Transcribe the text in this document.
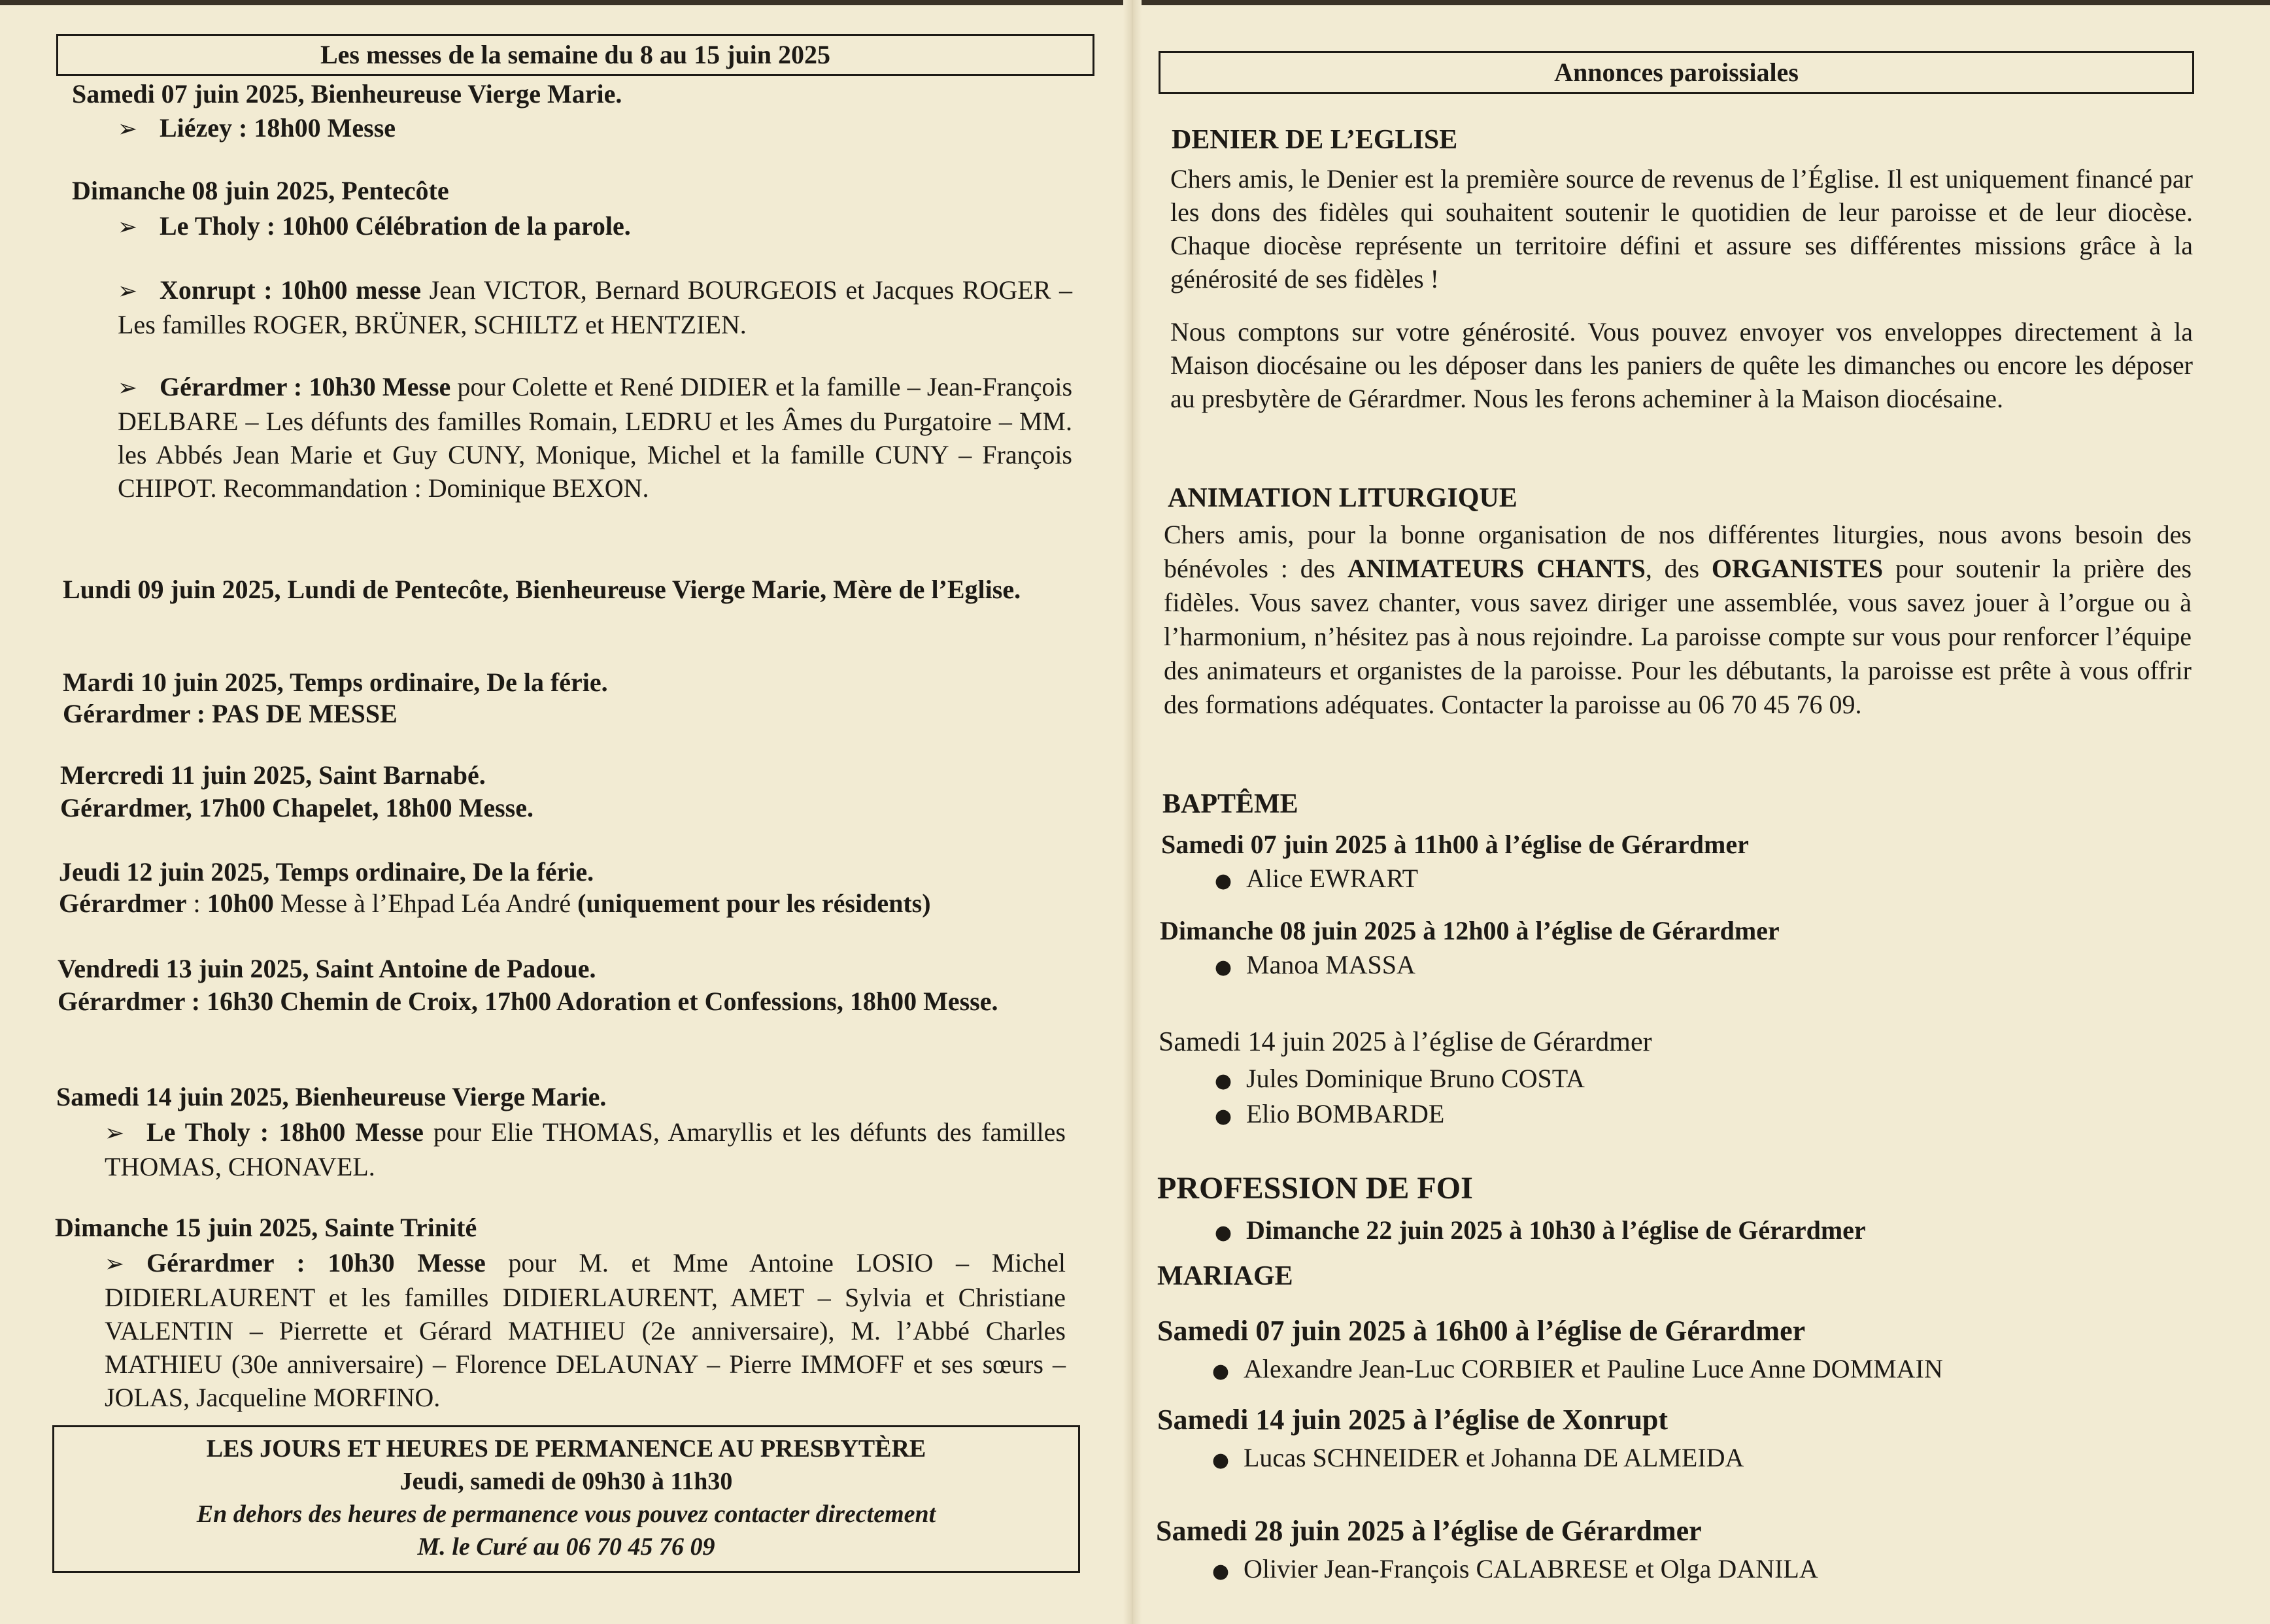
Les messes de la semaine du 8 au 15 juin 2025
Samedi 07 juin 2025, Bienheureuse Vierge Marie.
➢ Liézey : 18h00 Messe
Dimanche 08 juin 2025, Pentecôte
➢ Le Tholy : 10h00 Célébration de la parole.
➢ Xonrupt : 10h00 messe Jean VICTOR, Bernard BOURGEOIS et Jacques ROGER – Les familles ROGER, BRÜNER, SCHILTZ et HENTZIEN.
➢ Gérardmer : 10h30 Messe pour Colette et René DIDIER et la famille – Jean-François DELBARE – Les défunts des familles Romain, LEDRU et les Âmes du Purgatoire – MM. les Abbés Jean Marie et Guy CUNY, Monique, Michel et la famille CUNY – François CHIPOT. Recommandation : Dominique BEXON.
Lundi 09 juin 2025, Lundi de Pentecôte, Bienheureuse Vierge Marie, Mère de l’Eglise.
Mardi 10 juin 2025, Temps ordinaire, De la férie.
Gérardmer : PAS DE MESSE
Mercredi 11 juin 2025, Saint Barnabé.
Gérardmer, 17h00 Chapelet, 18h00 Messe.
Jeudi 12 juin 2025, Temps ordinaire, De la férie.
Gérardmer : 10h00 Messe à l’Ehpad Léa André (uniquement pour les résidents)
Vendredi 13 juin 2025, Saint Antoine de Padoue.
Gérardmer : 16h30 Chemin de Croix, 17h00 Adoration et Confessions, 18h00 Messe.
Samedi 14 juin 2025, Bienheureuse Vierge Marie.
➢ Le Tholy : 18h00 Messe pour Elie THOMAS, Amaryllis et les défunts des familles THOMAS, CHONAVEL.
Dimanche 15 juin 2025, Sainte Trinité
➢ Gérardmer : 10h30 Messe pour M. et Mme Antoine LOSIO – Michel DIDIERLAURENT et les familles DIDIERLAURENT, AMET – Sylvia et Christiane VALENTIN – Pierrette et Gérard MATHIEU (2e anniversaire), M. l’Abbé Charles MATHIEU (30e anniversaire) – Florence DELAUNAY – Pierre IMMOFF et ses sœurs – JOLAS, Jacqueline MORFINO.
LES JOURS ET HEURES DE PERMANENCE AU PRESBYTÈRE
Jeudi, samedi de 09h30 à 11h30
En dehors des heures de permanence vous pouvez contacter directement
M. le Curé au 06 70 45 76 09
Annonces paroissiales
DENIER DE L’EGLISE
Chers amis, le Denier est la première source de revenus de l’Église. Il est uniquement financé par les dons des fidèles qui souhaitent soutenir le quotidien de leur paroisse et de leur diocèse. Chaque diocèse représente un territoire défini et assure ses différentes missions grâce à la générosité de ses fidèles !
Nous comptons sur votre générosité. Vous pouvez envoyer vos enveloppes directement à la Maison diocésaine ou les déposer dans les paniers de quête les dimanches ou encore les déposer au presbytère de Gérardmer. Nous les ferons acheminer à la Maison diocésaine.
ANIMATION LITURGIQUE
Chers amis, pour la bonne organisation de nos différentes liturgies, nous avons besoin des bénévoles : des ANIMATEURS CHANTS, des ORGANISTES pour soutenir la prière des fidèles. Vous savez chanter, vous savez diriger une assemblée, vous savez jouer à l’orgue ou à l’harmonium, n’hésitez pas à nous rejoindre. La paroisse compte sur vous pour renforcer l’équipe des animateurs et organistes de la paroisse. Pour les débutants, la paroisse est prête à vous offrir des formations adéquates. Contacter la paroisse au 06 70 45 76 09.
BAPTÊME
Samedi 07 juin 2025 à 11h00 à l’église de Gérardmer
● Alice EWRART
Dimanche 08 juin 2025 à 12h00 à l’église de Gérardmer
● Manoa MASSA
Samedi 14 juin 2025 à l’église de Gérardmer
● Jules Dominique Bruno COSTA
● Elio BOMBARDE
PROFESSION DE FOI
● Dimanche 22 juin 2025 à 10h30 à l’église de Gérardmer
MARIAGE
Samedi 07 juin 2025 à 16h00 à l’église de Gérardmer
● Alexandre Jean-Luc CORBIER et Pauline Luce Anne DOMMAIN
Samedi 14 juin 2025 à l’église de Xonrupt
● Lucas SCHNEIDER et Johanna DE ALMEIDA
Samedi 28 juin 2025 à l’église de Gérardmer
● Olivier Jean-François CALABRESE et Olga DANILA
